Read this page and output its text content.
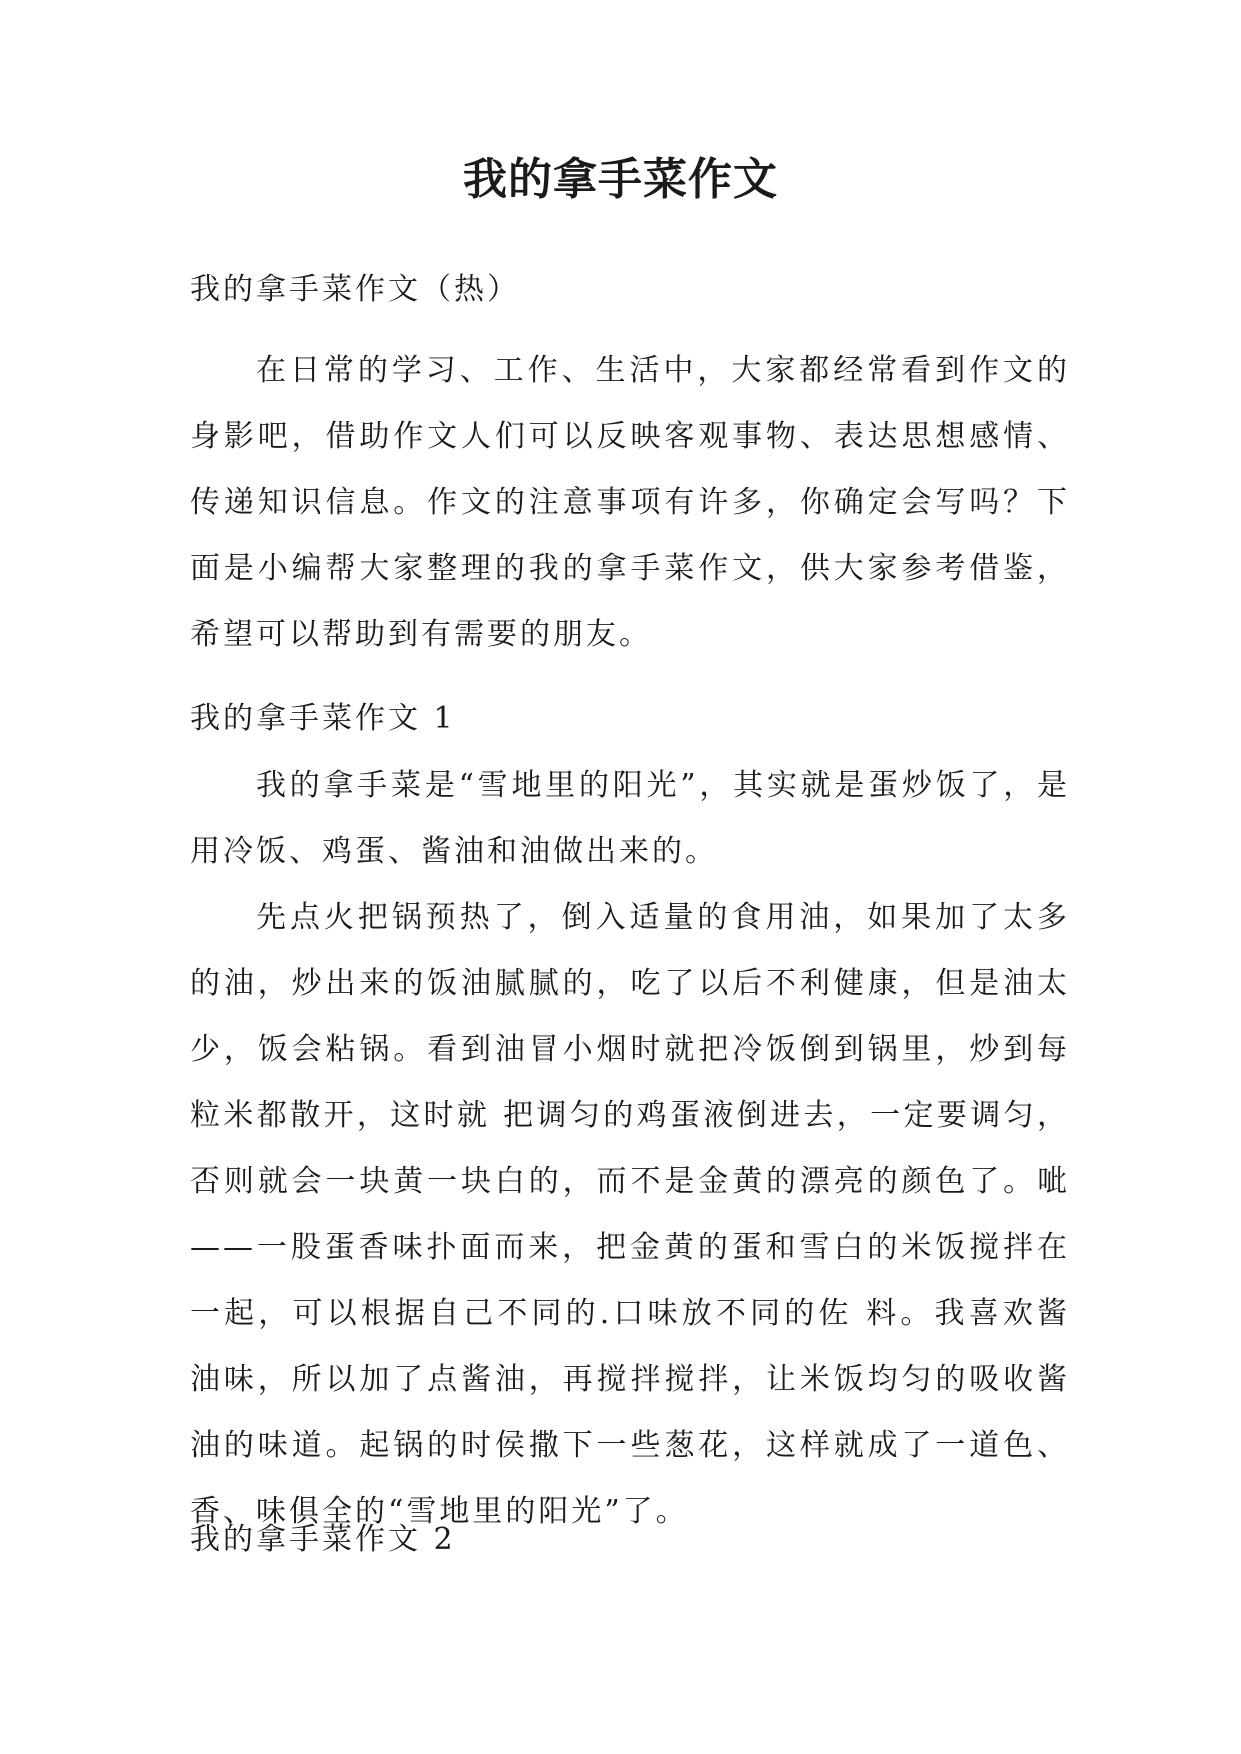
我的拿手菜作文
我的拿手菜作文（热）

在日常的学习、工作、生活中，大家都经常看到作文的身影吧，借助作文人们可以反映客观事物、表达思想感情、传递知识信息。作文的注意事项有许多，你确定会写吗？下面是小编帮大家整理的我的拿手菜作文，供大家参考借鉴，希望可以帮助到有需要的朋友。

我的拿手菜作文 1

我的拿手菜是“雪地里的阳光”，其实就是蛋炒饭了，是用冷饭、鸡蛋、酱油和油做出来的。

先点火把锅预热了，倒入适量的食用油，如果加了太多的油，炒出来的饭油腻腻的，吃了以后不利健康，但是油太少，饭会粘锅。看到油冒小烟时就把冷饭倒到锅里，炒到每粒米都散开，这时就 把调匀的鸡蛋液倒进去，一定要调匀，否则就会一块黄一块白的，而不是金黄的漂亮的颜色了。呲——一股蛋香味扑面而来，把金黄的蛋和雪白的米饭搅拌在一起，可以根据自己不同的.口味放不同的佐 料。我喜欢酱油味，所以加了点酱油，再搅拌搅拌，让米饭均匀的吸收酱油的味道。起锅的时侯撒下一些葱花，这样就成了一道色、香、味俱全的“雪地里的阳光”了。

我的拿手菜作文 2
